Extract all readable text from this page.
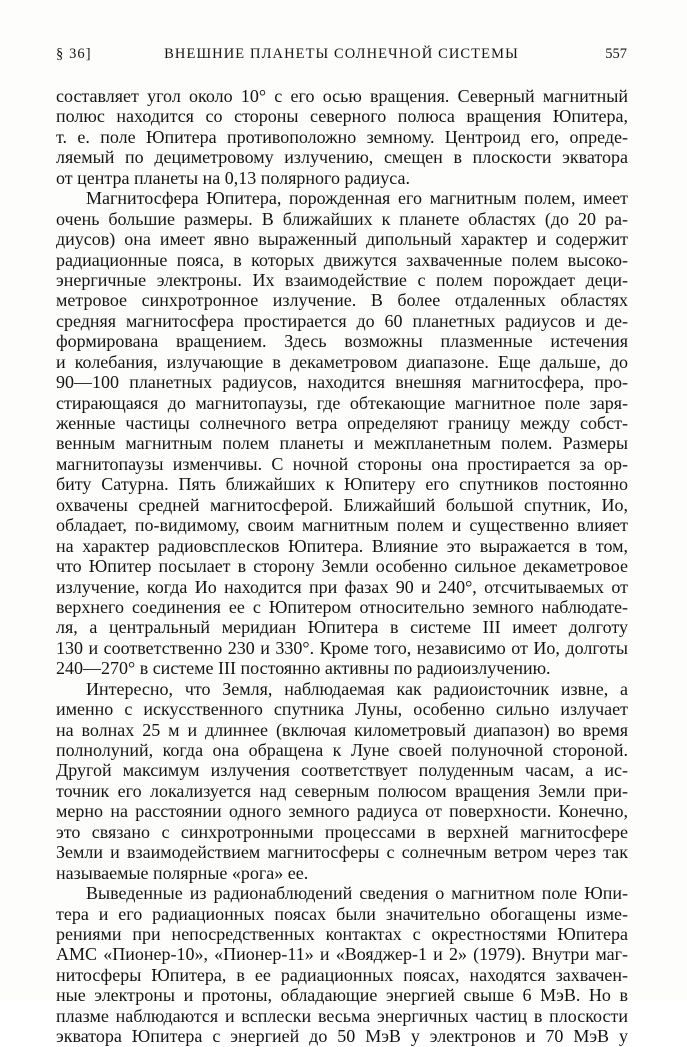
§ 36]	ВНЕШНИЕ ПЛАНЕТЫ СОЛНЕЧНОЙ СИСТЕМЫ	557
составляет угол около 10° с его осью вращения. Северный магнитный
полюс находится со стороны северного полюса вращения Юпитера,
т. е. поле Юпитера противоположно земному. Центроид его, опреде-
ляемый по дециметровому излучению, смещен в плоскости экватора
от центра планеты на 0,13 полярного радиуса.
Магнитосфера Юпитера, порожденная его магнитным полем, имеет
очень большие размеры. В ближайших к планете областях (до 20 ра-
диусов) она имеет явно выраженный дипольный характер и содержит
радиационные пояса, в которых движутся захваченные полем высоко-
энергичные электроны. Их взаимодействие с полем порождает деци-
метровое синхротронное излучение. В более отдаленных областях
средняя магнитосфера простирается до 60 планетных радиусов и де-
формирована вращением. Здесь возможны плазменные истечения
и колебания, излучающие в декаметровом диапазоне. Еще дальше, до
90—100 планетных радиусов, находится внешняя магнитосфера, про-
стирающаяся до магнитопаузы, где обтекающие магнитное поле заря-
женные частицы солнечного ветра определяют границу между собст-
венным магнитным полем планеты и межпланетным полем. Размеры
магнитопаузы изменчивы. С ночной стороны она простирается за ор-
биту Сатурна. Пять ближайших к Юпитеру его спутников постоянно
охвачены средней магнитосферой. Ближайший большой спутник, Ио,
обладает, по-видимому, своим магнитным полем и существенно влияет
на характер радиовсплесков Юпитера. Влияние это выражается в том,
что Юпитер посылает в сторону Земли особенно сильное декаметровое
излучение, когда Ио находится при фазах 90 и 240°, отсчитываемых от
верхнего соединения ее с Юпитером относительно земного наблюдате-
ля, а центральный меридиан Юпитера в системе III имеет долготу
130 и соответственно 230 и 330°. Кроме того, независимо от Ио, долготы
240—270° в системе III постоянно активны по радиоизлучению.
Интересно, что Земля, наблюдаемая как радиоисточник извне, а
именно с искусственного спутника Луны, особенно сильно излучает
на волнах 25 м и длиннее (включая километровый диапазон) во время
полнолуний, когда она обращена к Луне своей полуночной стороной.
Другой максимум излучения соответствует полуденным часам, а ис-
точник его локализуется над северным полюсом вращения Земли при-
мерно на расстоянии одного земного радиуса от поверхности. Конечно,
это связано с синхротронными процессами в верхней магнитосфере
Земли и взаимодействием магнитосферы с солнечным ветром через так
называемые полярные «рога» ее.
Выведенные из радионаблюдений сведения о магнитном поле Юпи-
тера и его радиационных поясах были значительно обогащены изме-
рениями при непосредственных контактах с окрестностями Юпитера
АМС «Пионер-10», «Пионер-11» и «Вояджер-1 и 2» (1979). Внутри маг-
нитосферы Юпитера, в ее радиационных поясах, находятся захвачен-
ные электроны и протоны, обладающие энергией свыше 6 МэВ. Но в
плазме наблюдаются и всплески весьма энергичных частиц в плоскости
экватора Юпитера с энергией до 50 МэВ у электронов и 70 МэВ у
